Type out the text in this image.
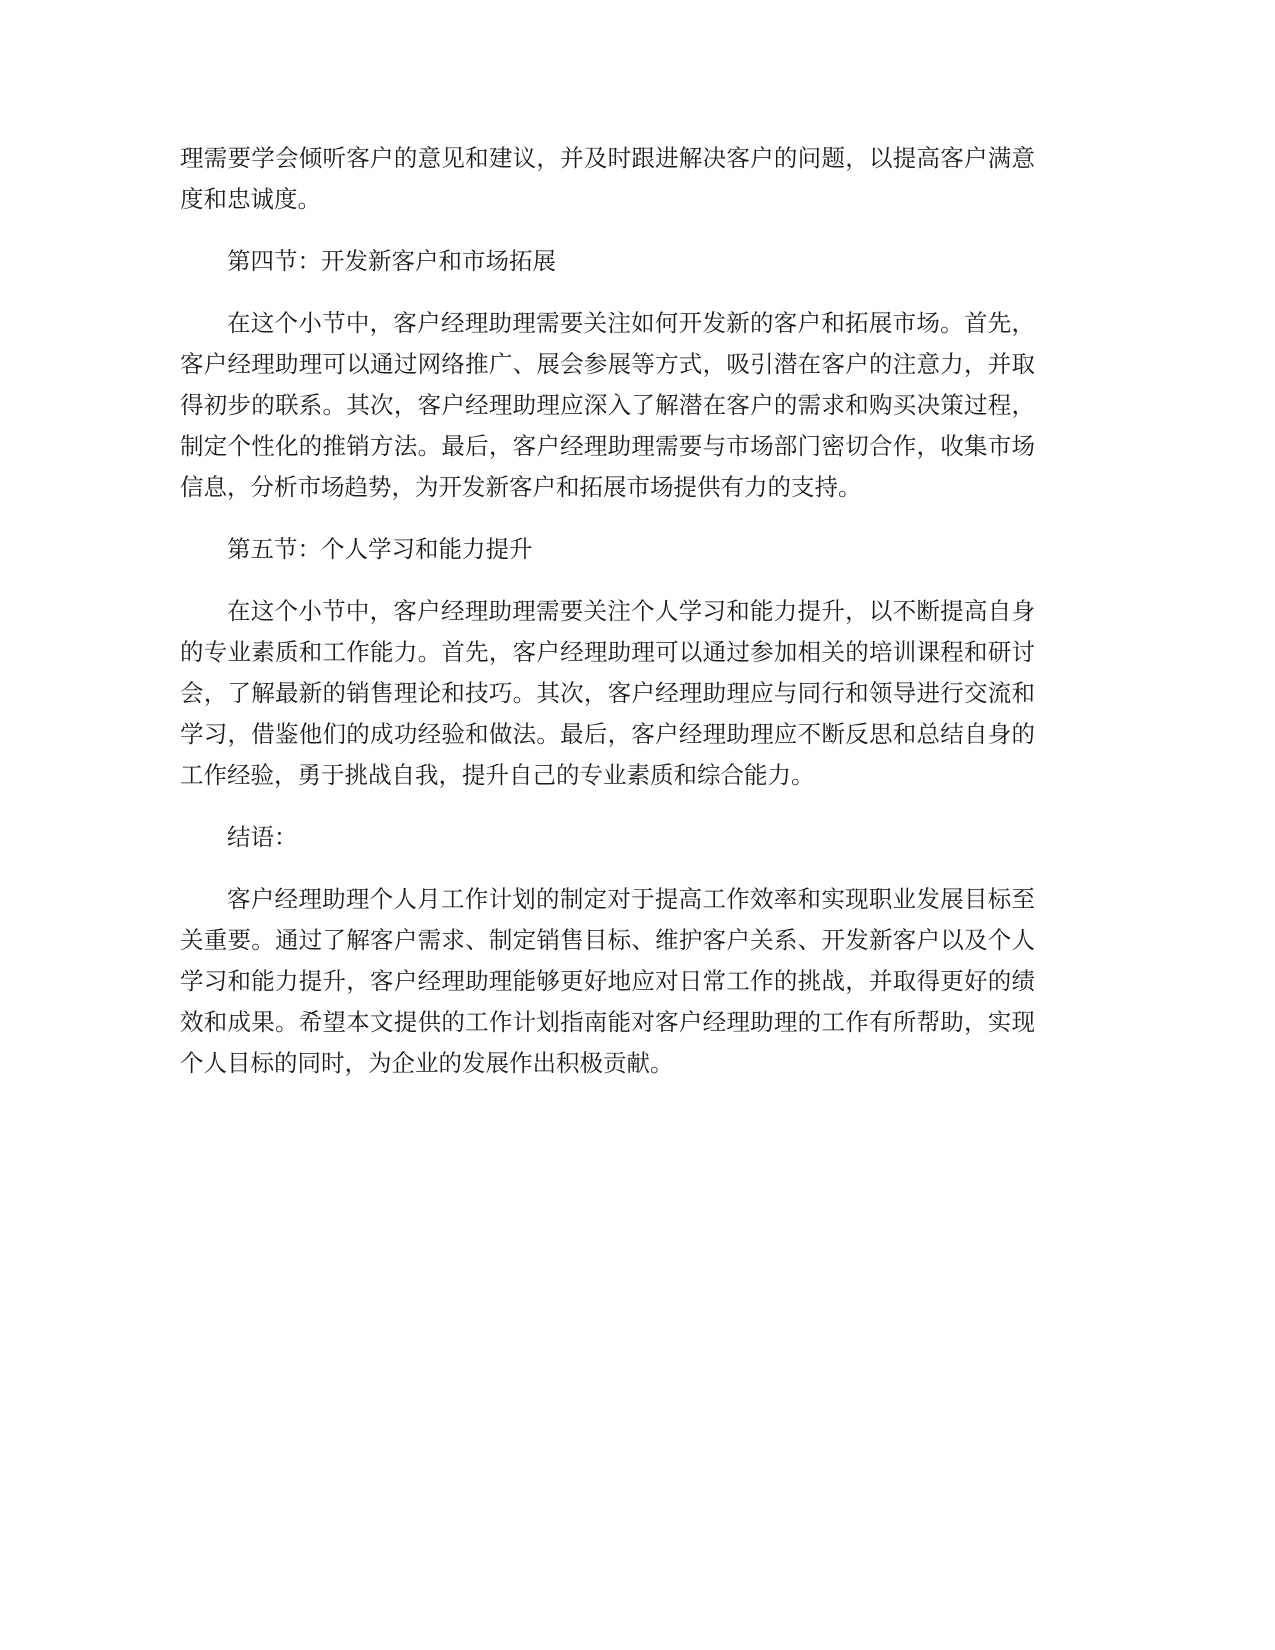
理需要学会倾听客户的意见和建议，并及时跟进解决客户的问题，以提高客户满意度和忠诚度。

第四节：开发新客户和市场拓展

在这个小节中，客户经理助理需要关注如何开发新的客户和拓展市场。首先，客户经理助理可以通过网络推广、展会参展等方式，吸引潜在客户的注意力，并取得初步的联系。其次，客户经理助理应深入了解潜在客户的需求和购买决策过程，制定个性化的推销方法。最后，客户经理助理需要与市场部门密切合作，收集市场信息，分析市场趋势，为开发新客户和拓展市场提供有力的支持。

第五节：个人学习和能力提升

在这个小节中，客户经理助理需要关注个人学习和能力提升，以不断提高自身的专业素质和工作能力。首先，客户经理助理可以通过参加相关的培训课程和研讨会，了解最新的销售理论和技巧。其次，客户经理助理应与同行和领导进行交流和学习，借鉴他们的成功经验和做法。最后，客户经理助理应不断反思和总结自身的工作经验，勇于挑战自我，提升自己的专业素质和综合能力。

结语：

客户经理助理个人月工作计划的制定对于提高工作效率和实现职业发展目标至关重要。通过了解客户需求、制定销售目标、维护客户关系、开发新客户以及个人学习和能力提升，客户经理助理能够更好地应对日常工作的挑战，并取得更好的绩效和成果。希望本文提供的工作计划指南能对客户经理助理的工作有所帮助，实现个人目标的同时，为企业的发展作出积极贡献。
